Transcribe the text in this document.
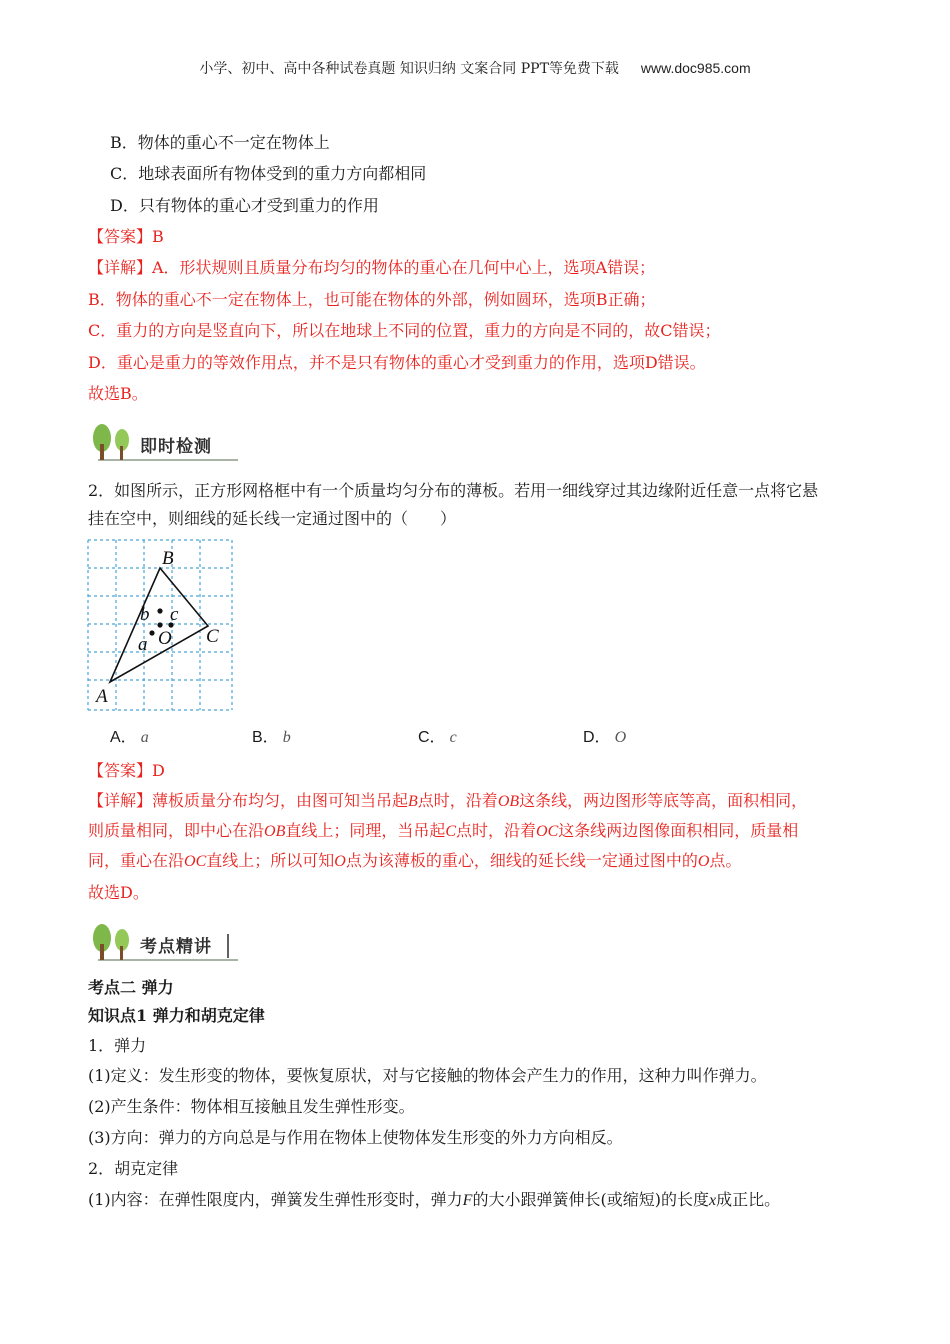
小学、初中、高中各种试卷真题 知识归纳 文案合同 PPT等免费下载 www.doc985.com
B．物体的重心不一定在物体上
C．地球表面所有物体受到的重力方向都相同
D．只有物体的重心才受到重力的作用
【答案】B
【详解】A．形状规则且质量分布均匀的物体的重心在几何中心上，选项A错误；
B．物体的重心不一定在物体上，也可能在物体的外部，例如圆环，选项B正确；
C．重力的方向是竖直向下，所以在地球上不同的位置，重力的方向是不同的，故C错误；
D．重心是重力的等效作用点，并不是只有物体的重心才受到重力的作用，选项D错误。
故选B。
即时检测
2．如图所示，正方形网格框中有一个质量均匀分布的薄板。若用一细线穿过其边缘附近任意一点将它悬
挂在空中，则细线的延长线一定通过图中的（　　）
B
C
A
b c
O
a
A． a	B． b	C． c	D． O
【答案】D
【详解】薄板质量分布均匀，由图可知当吊起B点时，沿着OB这条线，两边图形等底等高，面积相同，
则质量相同，即中心在沿OB直线上；同理，当吊起C点时，沿着OC这条线两边图像面积相同，质量相
同，重心在沿OC直线上；所以可知O点为该薄板的重心，细线的延长线一定通过图中的O点。
故选D。
考点精讲
考点二 弹力
知识点1 弹力和胡克定律
1．弹力
(1)定义：发生形变的物体，要恢复原状，对与它接触的物体会产生力的作用，这种力叫作弹力。
(2)产生条件：物体相互接触且发生弹性形变。
(3)方向：弹力的方向总是与作用在物体上使物体发生形变的外力方向相反。
2．胡克定律
(1)内容：在弹性限度内，弹簧发生弹性形变时，弹力F的大小跟弹簧伸长(或缩短)的长度x成正比。
